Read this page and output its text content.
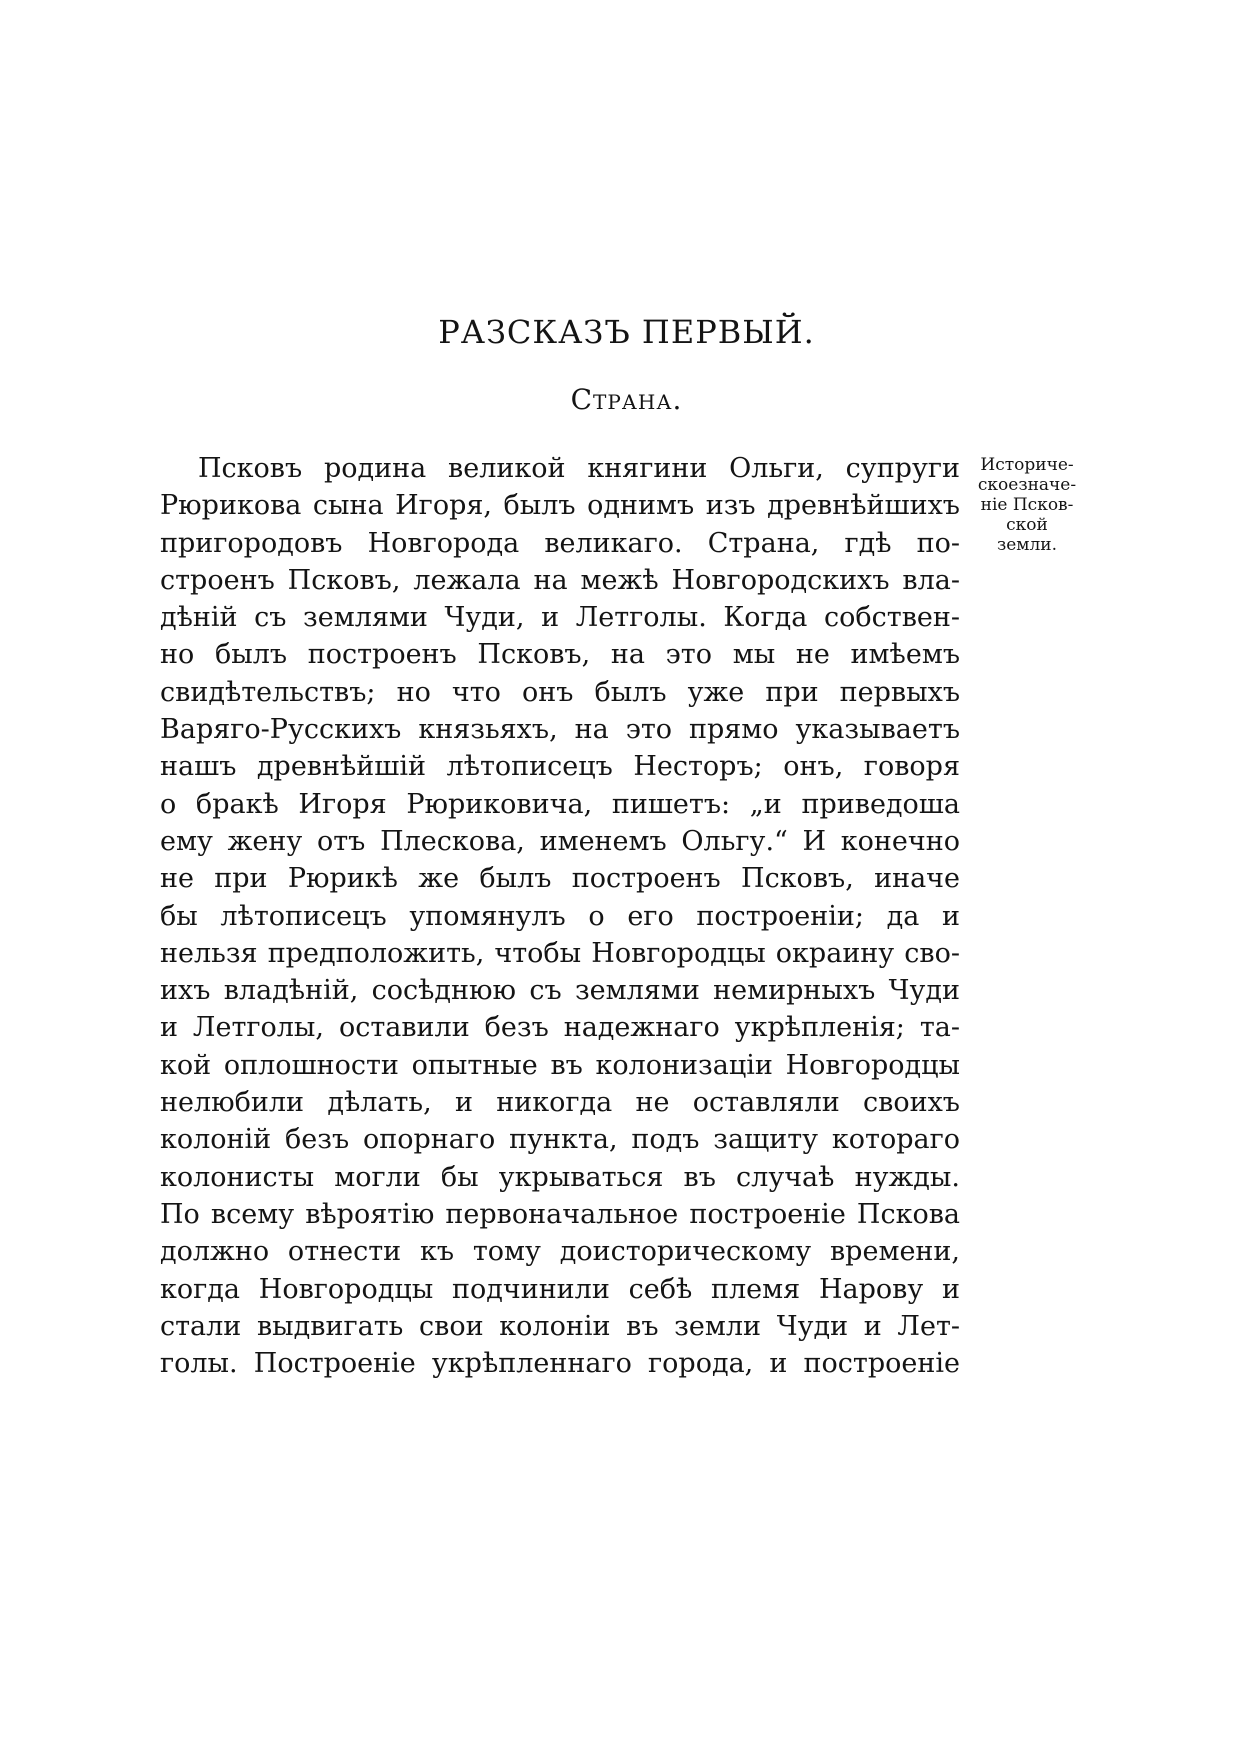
РАЗСКАЗЪ ПЕРВЫЙ.
Страна.
Историче-
скоезначе-
ніе Псков-
ской
земли.
Псковъ родина великой княгини Ольги, супруги
Рюрикова сына Игоря, былъ однимъ изъ древнѣйшихъ
пригородовъ Новгорода великаго. Страна, гдѣ по-
строенъ Псковъ, лежала на межѣ Новгородскихъ вла-
дѣній съ землями Чуди, и Летголы. Когда собствен-
но былъ построенъ Псковъ, на это мы не имѣемъ
свидѣтельствъ; но что онъ былъ уже при первыхъ
Варяго-Русскихъ князьяхъ, на это прямо указываетъ
нашъ древнѣйшій лѣтописецъ Несторъ; онъ, говоря
о бракѣ Игоря Рюриковича, пишетъ: „и приведоша
ему жену отъ Плескова, именемъ Ольгу.“ И конечно
не при Рюрикѣ же былъ построенъ Псковъ, иначе
бы лѣтописецъ упомянулъ о его построеніи; да и
нельзя предположить, чтобы Новгородцы окраину сво-
ихъ владѣній, сосѣднюю съ землями немирныхъ Чуди
и Летголы, оставили безъ надежнаго укрѣпленія; та-
кой оплошности опытные въ колонизаціи Новгородцы
нелюбили дѣлать, и никогда не оставляли своихъ
колоній безъ опорнаго пункта, подъ защиту котораго
колонисты могли бы укрываться въ случаѣ нужды.
По всему вѣроятію первоначальное построеніе Пскова
должно отнести къ тому доисторическому времени,
когда Новгородцы подчинили себѣ племя Нарову и
стали выдвигать свои колоніи въ земли Чуди и Лет-
голы. Построеніе укрѣпленнаго города, и построеніе
